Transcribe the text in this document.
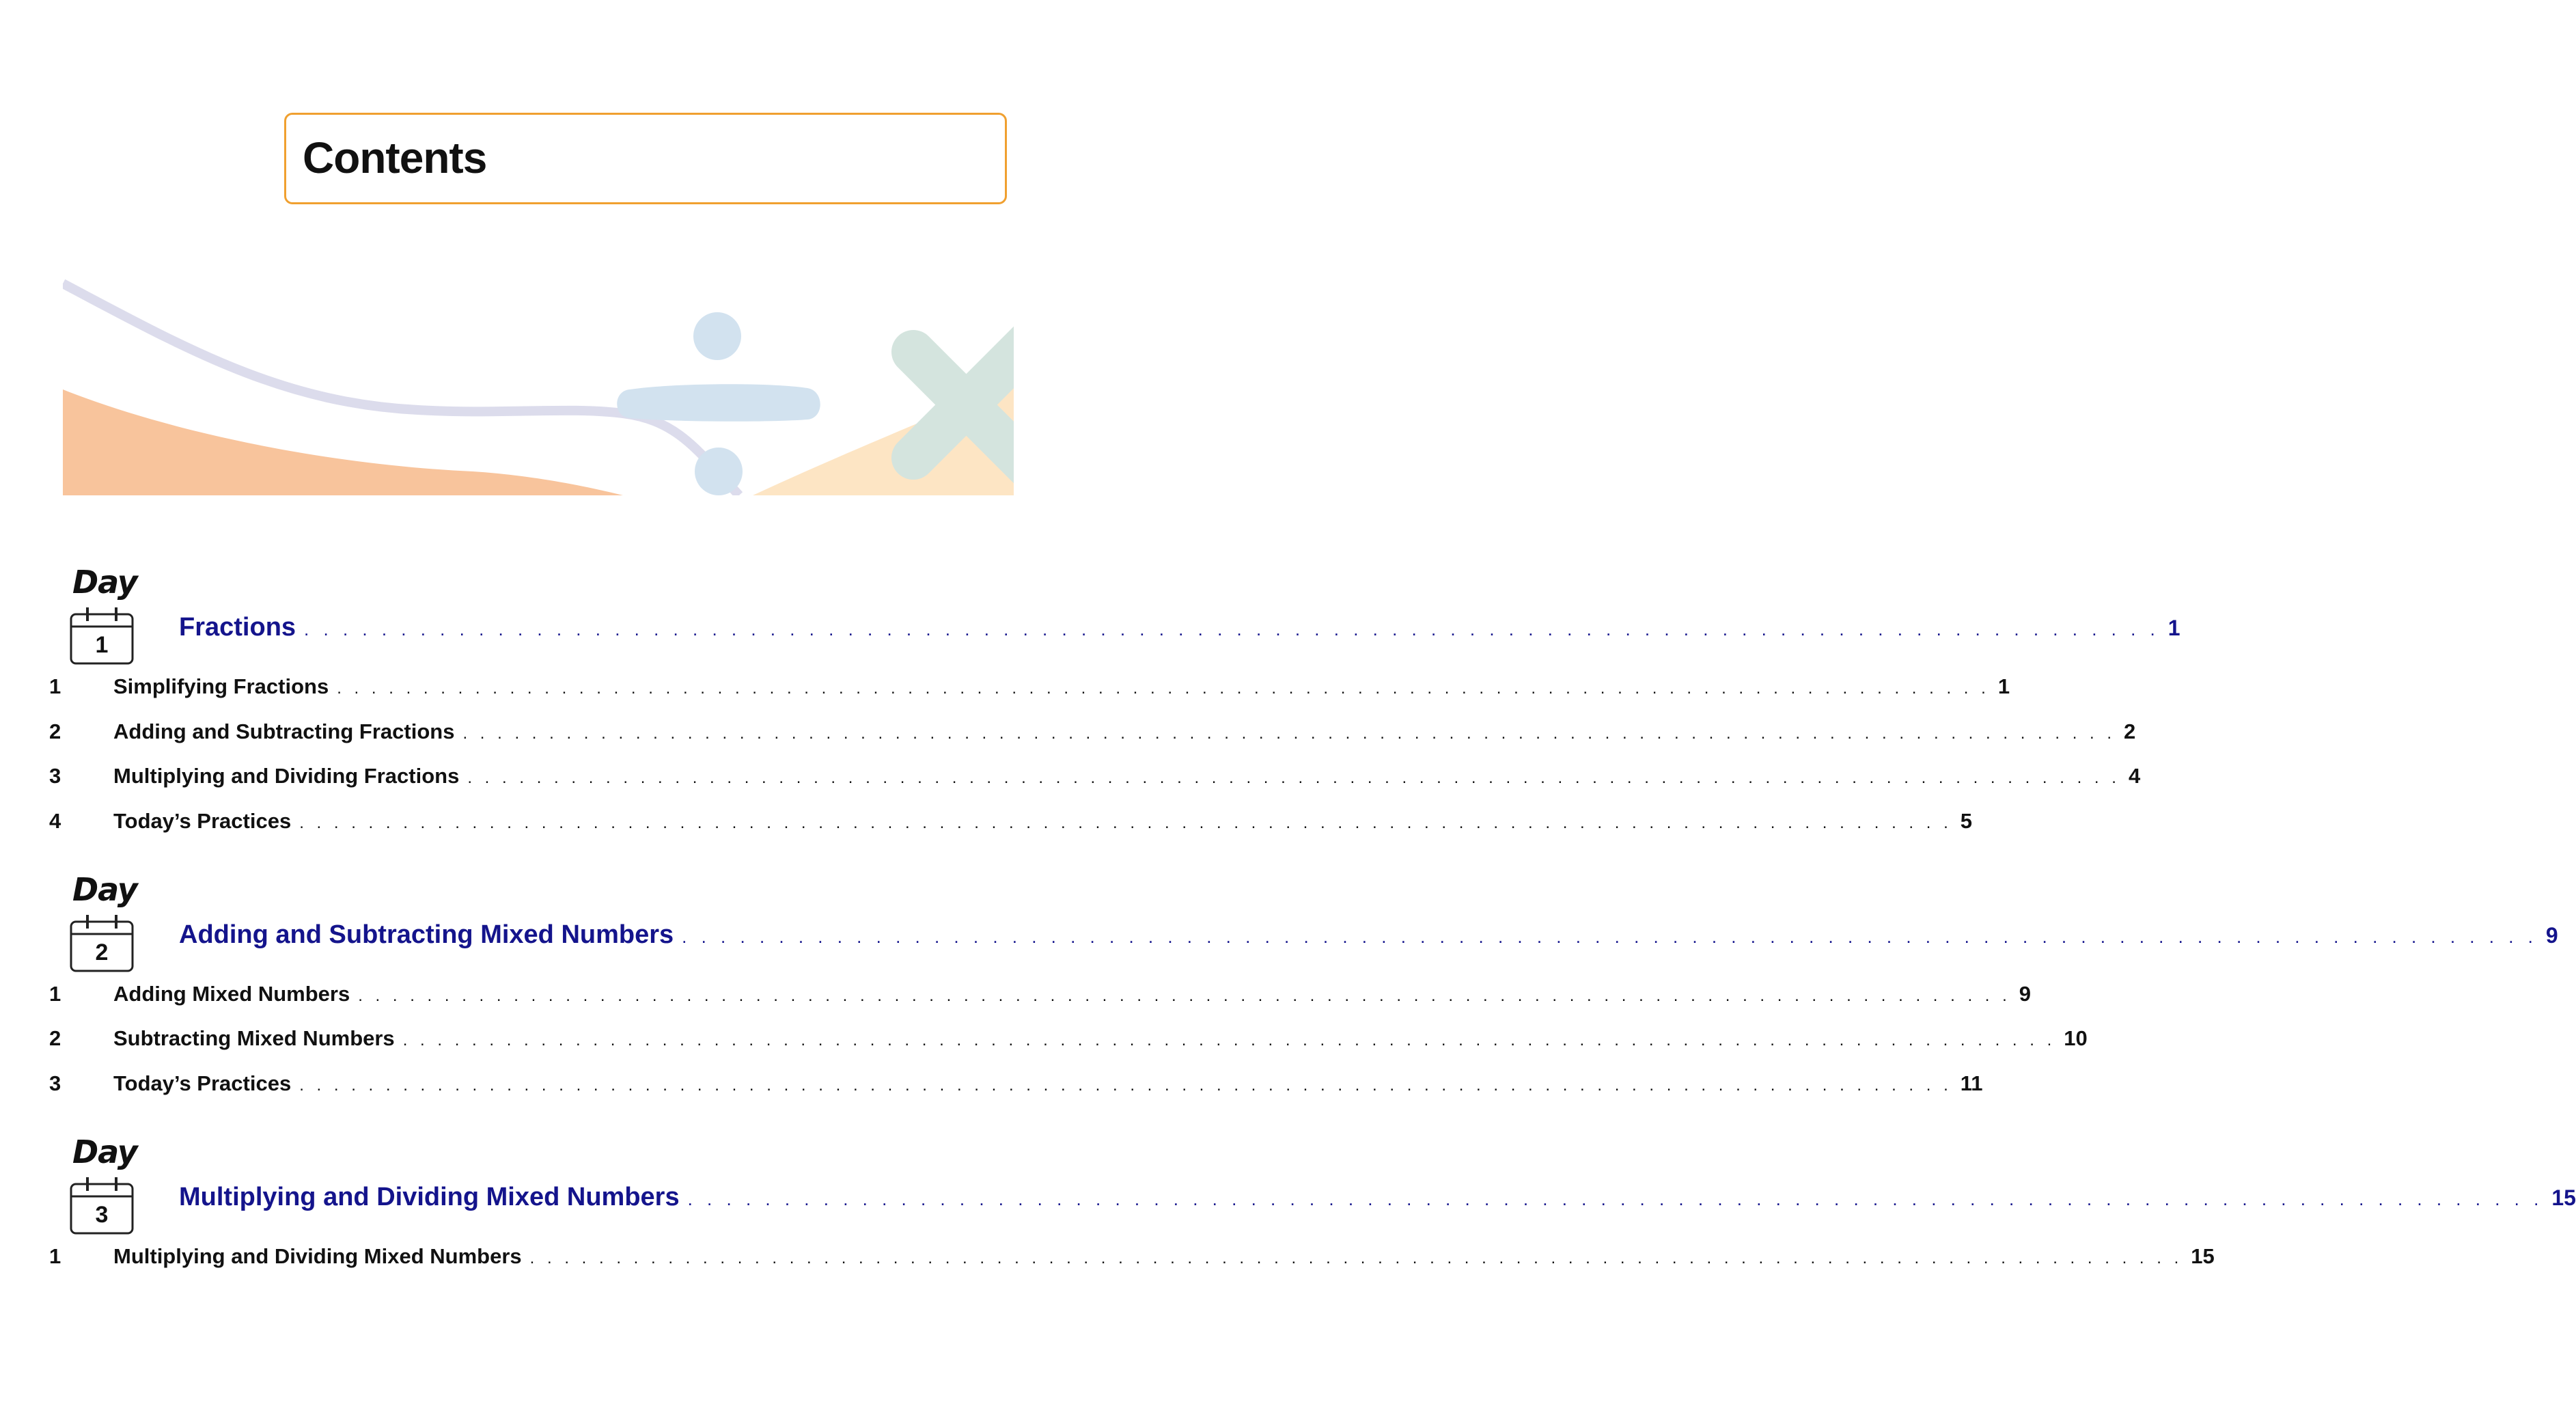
Contents
Day
1
Fractions . . . . . . . . . . . . . . . . . . . . . . . . . . . . . . . . . . . . . . . . . . . . . . . . . . . . . . . . . . . . . . . . . . . . . . . . . . . . . . . . . . . . . . . . . . . . . . . . 1
1	Simplifying Fractions . . . . . . . . . . . . . . . . . . . . . . . . . . . . . . . . . . . . . . . . . . . . . . . . . . . . . . . . . . . . . . . . . . . . . . . . . . . . . . . . . . . . . . . . . . . . . . . . 1
2	Adding and Subtracting Fractions . . . . . . . . . . . . . . . . . . . . . . . . . . . . . . . . . . . . . . . . . . . . . . . . . . . . . . . . . . . . . . . . . . . . . . . . . . . . . . . . . . . . . . . . . . . . . . . . 2
3	Multiplying and Dividing Fractions . . . . . . . . . . . . . . . . . . . . . . . . . . . . . . . . . . . . . . . . . . . . . . . . . . . . . . . . . . . . . . . . . . . . . . . . . . . . . . . . . . . . . . . . . . . . . . . . 4
4	Today’s Practices . . . . . . . . . . . . . . . . . . . . . . . . . . . . . . . . . . . . . . . . . . . . . . . . . . . . . . . . . . . . . . . . . . . . . . . . . . . . . . . . . . . . . . . . . . . . . . . . 5
Day
2
Adding and Subtracting Mixed Numbers . . . . . . . . . . . . . . . . . . . . . . . . . . . . . . . . . . . . . . . . . . . . . . . . . . . . . . . . . . . . . . . . . . . . . . . . . . . . . . . . . . . . . . . . . . . . . . . . 9
1	Adding Mixed Numbers . . . . . . . . . . . . . . . . . . . . . . . . . . . . . . . . . . . . . . . . . . . . . . . . . . . . . . . . . . . . . . . . . . . . . . . . . . . . . . . . . . . . . . . . . . . . . . . . 9
2	Subtracting Mixed Numbers . . . . . . . . . . . . . . . . . . . . . . . . . . . . . . . . . . . . . . . . . . . . . . . . . . . . . . . . . . . . . . . . . . . . . . . . . . . . . . . . . . . . . . . . . . . . . . . . 10
3	Today’s Practices . . . . . . . . . . . . . . . . . . . . . . . . . . . . . . . . . . . . . . . . . . . . . . . . . . . . . . . . . . . . . . . . . . . . . . . . . . . . . . . . . . . . . . . . . . . . . . . . 11
Day
3
Multiplying and Dividing Mixed Numbers . . . . . . . . . . . . . . . . . . . . . . . . . . . . . . . . . . . . . . . . . . . . . . . . . . . . . . . . . . . . . . . . . . . . . . . . . . . . . . . . . . . . . . . . . . . . . . . . 15
1	Multiplying and Dividing Mixed Numbers . . . . . . . . . . . . . . . . . . . . . . . . . . . . . . . . . . . . . . . . . . . . . . . . . . . . . . . . . . . . . . . . . . . . . . . . . . . . . . . . . . . . . . . . . . . . . . . . 15
